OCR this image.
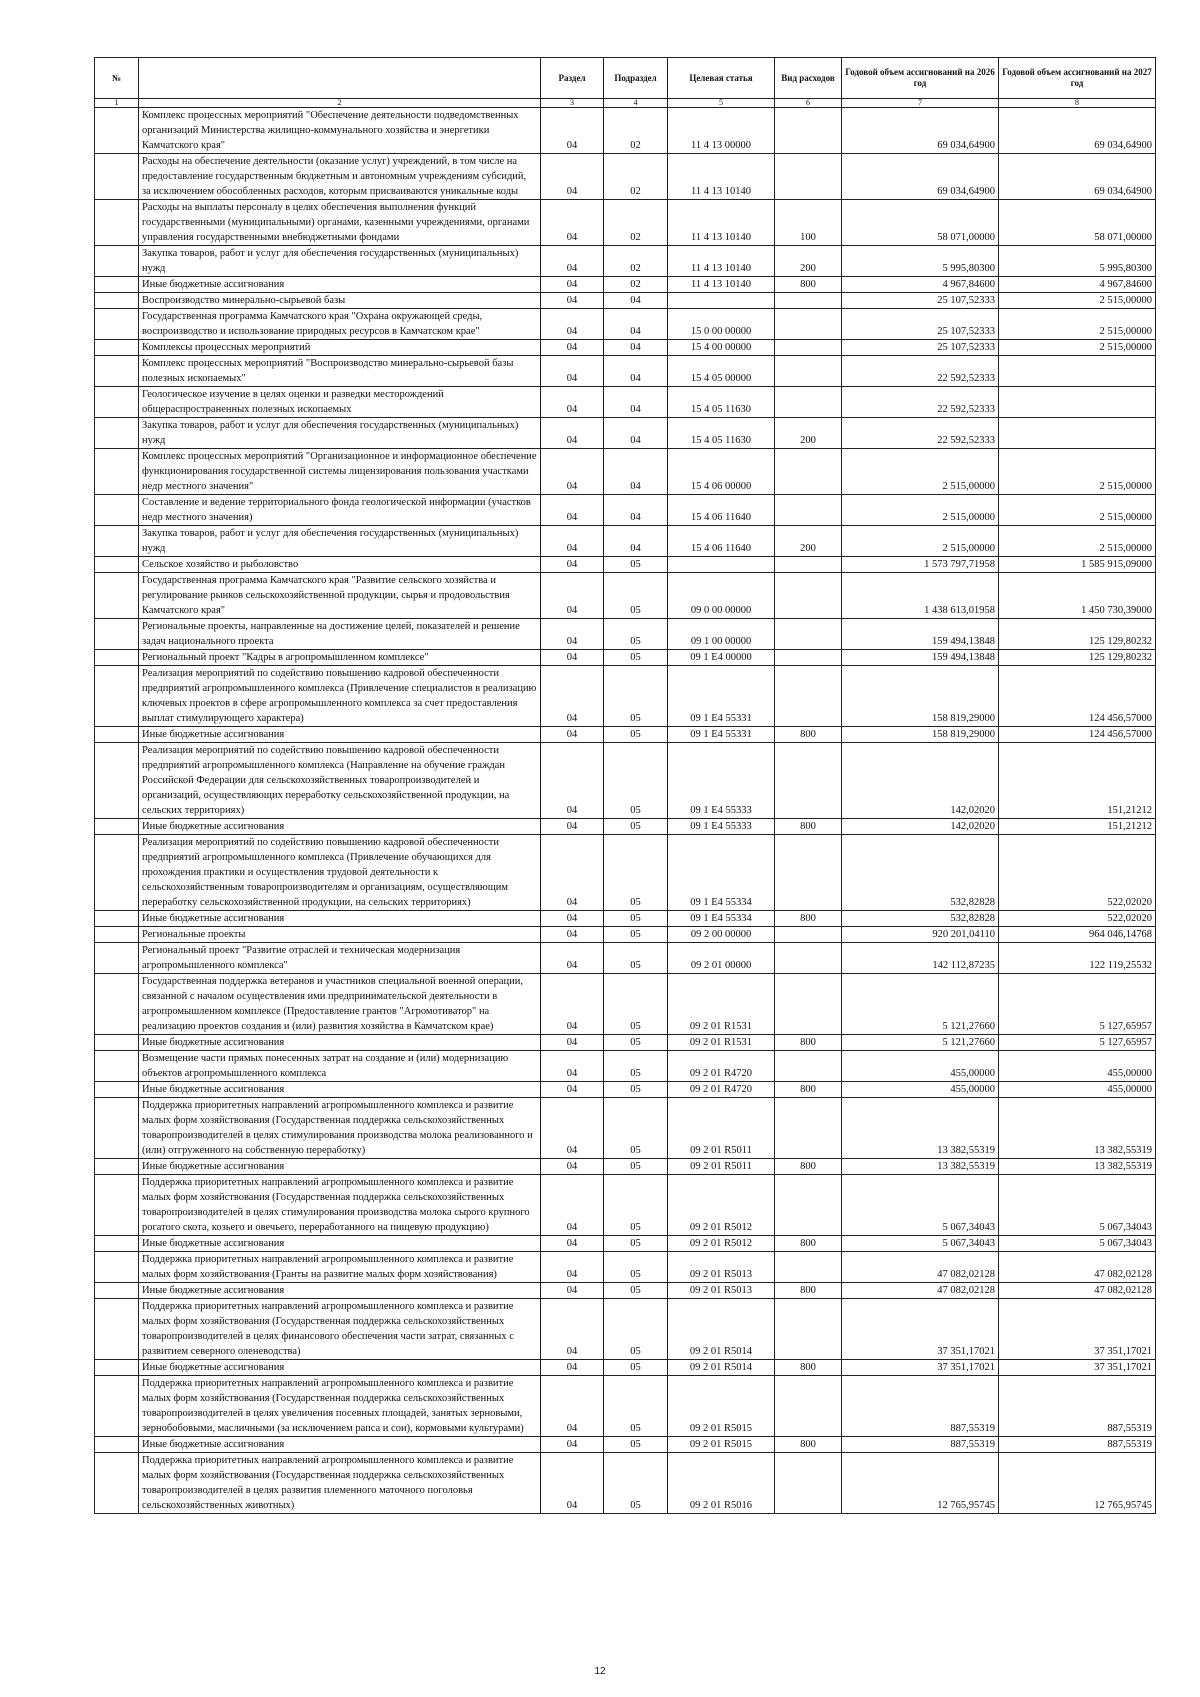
№		Раздел	Подраздел	Целевая статья	Вид расходов	Годовой объем ассигнований на 2026 год	Годовой объем ассигнований на 2027 год
1	2	3	4	5	6	7	8
	Комплекс процессных мероприятий "Обеспечение деятельности подведомственных организаций Министерства жилищно-коммунального хозяйства и энергетики Камчатского края"	04	02	11 4 13 00000		69 034,64900	69 034,64900
	Расходы на обеспечение деятельности (оказание услуг) учреждений, в том числе на предоставление государственным бюджетным и автономным учреждениям субсидий, за исключением обособленных расходов, которым присваиваются уникальные коды	04	02	11 4 13 10140		69 034,64900	69 034,64900
	Расходы на выплаты персоналу в целях обеспечения выполнения функций государственными (муниципальными) органами, казенными учреждениями, органами управления государственными внебюджетными фондами	04	02	11 4 13 10140	100	58 071,00000	58 071,00000
	Закупка товаров, работ и услуг для обеспечения государственных (муниципальных) нужд	04	02	11 4 13 10140	200	5 995,80300	5 995,80300
	Иные бюджетные ассигнования	04	02	11 4 13 10140	800	4 967,84600	4 967,84600
	Воспроизводство минерально-сырьевой базы	04	04			25 107,52333	2 515,00000
	Государственная программа Камчатского края "Охрана окружающей среды, воспроизводство и использование природных ресурсов в Камчатском крае"	04	04	15 0 00 00000		25 107,52333	2 515,00000
	Комплексы процессных мероприятий	04	04	15 4 00 00000		25 107,52333	2 515,00000
	Комплекс процессных мероприятий "Воспроизводство минерально-сырьевой базы полезных ископаемых"	04	04	15 4 05 00000		22 592,52333	
	Геологическое изучение в целях оценки и разведки месторождений общераспространенных полезных ископаемых	04	04	15 4 05 11630		22 592,52333	
	Закупка товаров, работ и услуг для обеспечения государственных (муниципальных) нужд	04	04	15 4 05 11630	200	22 592,52333	
	Комплекс процессных мероприятий "Организационное и информационное обеспечение функционирования государственной системы лицензирования пользования участками недр местного значения"	04	04	15 4 06 00000		2 515,00000	2 515,00000
	Составление и ведение территориального фонда геологической информации (участков недр местного значения)	04	04	15 4 06 11640		2 515,00000	2 515,00000
	Закупка товаров, работ и услуг для обеспечения государственных (муниципальных) нужд	04	04	15 4 06 11640	200	2 515,00000	2 515,00000
	Сельское хозяйство и рыболовство	04	05			1 573 797,71958	1 585 915,09000
	Государственная программа Камчатского края "Развитие сельского хозяйства и регулирование рынков сельскохозяйственной продукции, сырья и продовольствия Камчатского края"	04	05	09 0 00 00000		1 438 613,01958	1 450 730,39000
	Региональные проекты, направленные на достижение целей, показателей и решение задач национального проекта	04	05	09 1 00 00000		159 494,13848	125 129,80232
	Региональный проект "Кадры в агропромышленном комплексе"	04	05	09 1 Е4 00000		159 494,13848	125 129,80232
	Реализация мероприятий по содействию повышению кадровой обеспеченности предприятий агропромышленного комплекса (Привлечение специалистов в реализацию ключевых проектов в сфере агропромышленного комплекса за счет предоставления выплат стимулирующего характера)	04	05	09 1 Е4 55331		158 819,29000	124 456,57000
	Иные бюджетные ассигнования	04	05	09 1 Е4 55331	800	158 819,29000	124 456,57000
	Реализация мероприятий по содействию повышению кадровой обеспеченности предприятий агропромышленного комплекса (Направление на обучение граждан Российской Федерации для сельскохозяйственных товаропроизводителей и организаций, осуществляющих переработку сельскохозяйственной продукции, на сельских территориях)	04	05	09 1 Е4 55333		142,02020	151,21212
	Иные бюджетные ассигнования	04	05	09 1 Е4 55333	800	142,02020	151,21212
	Реализация мероприятий по содействию повышению кадровой обеспеченности предприятий агропромышленного комплекса (Привлечение обучающихся для прохождения практики и осуществления трудовой деятельности к сельскохозяйственным товаропроизводителям и организациям, осуществляющим переработку сельскохозяйственной продукции, на сельских территориях)	04	05	09 1 Е4 55334		532,82828	522,02020
	Иные бюджетные ассигнования	04	05	09 1 Е4 55334	800	532,82828	522,02020
	Региональные проекты	04	05	09 2 00 00000		920 201,04110	964 046,14768
	Региональный проект "Развитие отраслей и техническая модернизация агропромышленного комплекса"	04	05	09 2 01 00000		142 112,87235	122 119,25532
	Государственная поддержка ветеранов и участников специальной военной операции, связанной с началом осуществления ими предпринимательской деятельности в агропромышленном комплексе (Предоставление грантов "Агромотиватор" на реализацию проектов создания и (или) развития хозяйства в Камчатском крае)	04	05	09 2 01 R1531		5 121,27660	5 127,65957
	Иные бюджетные ассигнования	04	05	09 2 01 R1531	800	5 121,27660	5 127,65957
	Возмещение части прямых понесенных затрат на создание и (или) модернизацию объектов агропромышленного комплекса	04	05	09 2 01 R4720		455,00000	455,00000
	Иные бюджетные ассигнования	04	05	09 2 01 R4720	800	455,00000	455,00000
	Поддержка приоритетных направлений агропромышленного комплекса и развитие малых форм хозяйствования (Государственная поддержка сельскохозяйственных товаропроизводителей в целях стимулирования производства молока реализованного и (или) отгруженного на собственную переработку)	04	05	09 2 01 R5011		13 382,55319	13 382,55319
	Иные бюджетные ассигнования	04	05	09 2 01 R5011	800	13 382,55319	13 382,55319
	Поддержка приоритетных направлений агропромышленного комплекса и развитие малых форм хозяйствования (Государственная поддержка сельскохозяйственных товаропроизводителей в целях стимулирования производства молока сырого крупного рогатого скота, козьего и овечьего, переработанного на пищевую продукцию)	04	05	09 2 01 R5012		5 067,34043	5 067,34043
	Иные бюджетные ассигнования	04	05	09 2 01 R5012	800	5 067,34043	5 067,34043
	Поддержка приоритетных направлений агропромышленного комплекса и развитие малых форм хозяйствования (Гранты на развитие малых форм хозяйствования)	04	05	09 2 01 R5013		47 082,02128	47 082,02128
	Иные бюджетные ассигнования	04	05	09 2 01 R5013	800	47 082,02128	47 082,02128
	Поддержка приоритетных направлений агропромышленного комплекса и развитие малых форм хозяйствования (Государственная поддержка сельскохозяйственных товаропроизводителей в целях финансового обеспечения части затрат, связанных с развитием северного оленеводства)	04	05	09 2 01 R5014		37 351,17021	37 351,17021
	Иные бюджетные ассигнования	04	05	09 2 01 R5014	800	37 351,17021	37 351,17021
	Поддержка приоритетных направлений агропромышленного комплекса и развитие малых форм хозяйствования (Государственная поддержка сельскохозяйственных товаропроизводителей в целях увеличения посевных площадей, занятых зерновыми, зернобобовыми, масличными (за исключением рапса и сои), кормовыми культурами)	04	05	09 2 01 R5015		887,55319	887,55319
	Иные бюджетные ассигнования	04	05	09 2 01 R5015	800	887,55319	887,55319
	Поддержка приоритетных направлений агропромышленного комплекса и развитие малых форм хозяйствования (Государственная поддержка сельскохозяйственных товаропроизводителей в целях развития племенного маточного поголовья сельскохозяйственных животных)	04	05	09 2 01 R5016		12 765,95745	12 765,95745
12
